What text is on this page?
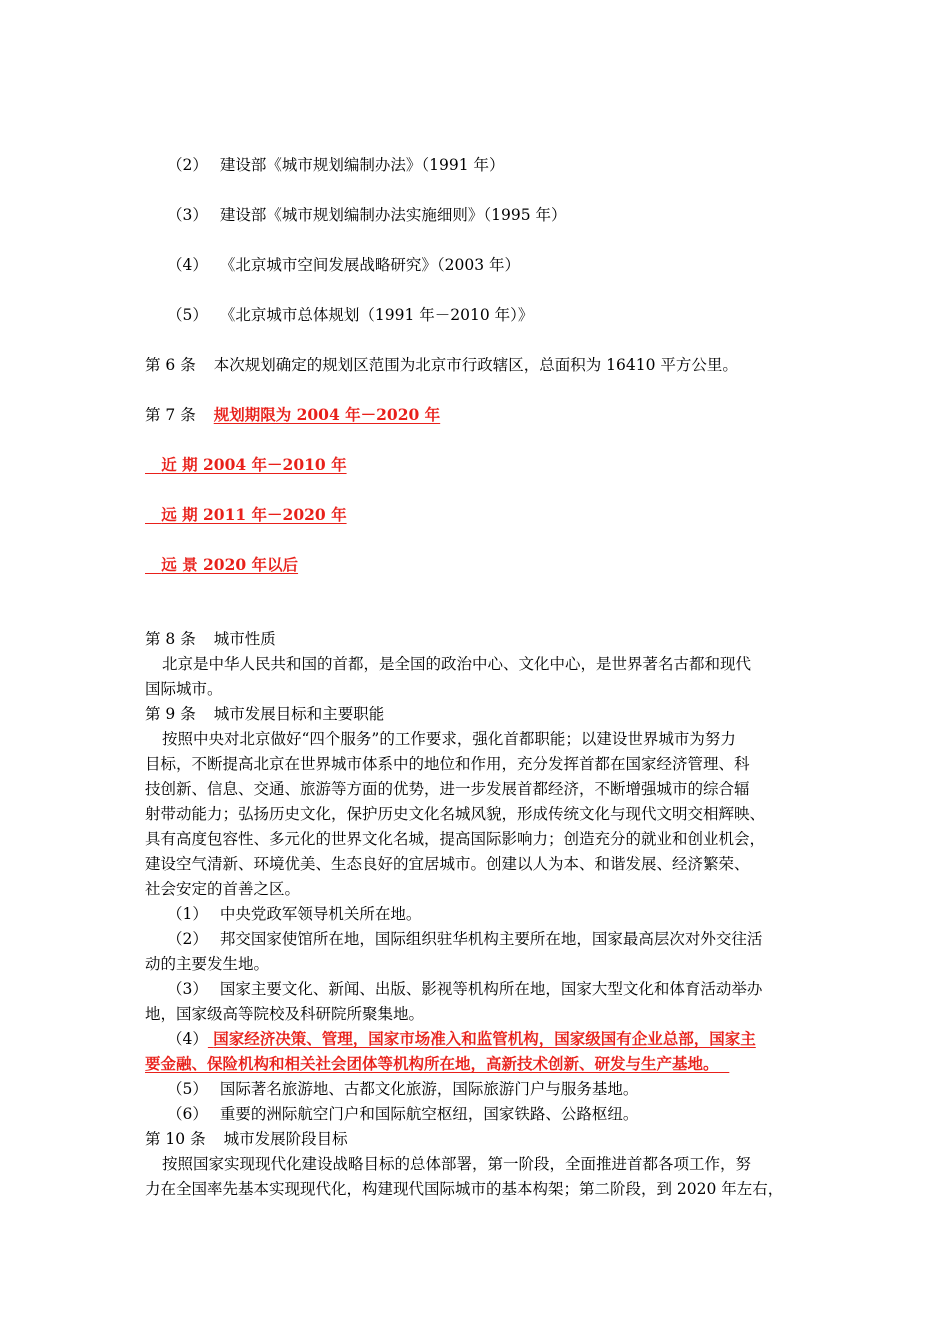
（2） 建设部《城市规划编制办法》（1991 年）
（3） 建设部《城市规划编制办法实施细则》（1995 年）
（4） 《北京城市空间发展战略研究》（2003 年）
（5） 《北京城市总体规划（1991 年－2010 年）》
第 6 条 本次规划确定的规划区范围为北京市行政辖区，总面积为 16410 平方公里。
第 7 条 规划期限为 2004 年－2020 年
近 期 2004 年－2010 年
远 期 2011 年－2020 年
远 景 2020 年以后
第 8 条 城市性质
北京是中华人民共和国的首都，是全国的政治中心、文化中心，是世界著名古都和现代
国际城市。
第 9 条 城市发展目标和主要职能
按照中央对北京做好“四个服务”的工作要求，强化首都职能；以建设世界城市为努力
目标，不断提高北京在世界城市体系中的地位和作用，充分发挥首都在国家经济管理、科
技创新、信息、交通、旅游等方面的优势，进一步发展首都经济，不断增强城市的综合辐
射带动能力；弘扬历史文化，保护历史文化名城风貌，形成传统文化与现代文明交相辉映、
具有高度包容性、多元化的世界文化名城，提高国际影响力；创造充分的就业和创业机会，
建设空气清新、环境优美、生态良好的宜居城市。创建以人为本、和谐发展、经济繁荣、
社会安定的首善之区。
（1） 中央党政军领导机关所在地。
（2） 邦交国家使馆所在地，国际组织驻华机构主要所在地，国家最高层次对外交往活
动的主要发生地。
（3） 国家主要文化、新闻、出版、影视等机构所在地，国家大型文化和体育活动举办
地，国家级高等院校及科研院所聚集地。
（4） 国家经济决策、管理，国家市场准入和监管机构，国家级国有企业总部，国家主
要金融、保险机构和相关社会团体等机构所在地，高新技术创新、研发与生产基地。
（5） 国际著名旅游地、古都文化旅游，国际旅游门户与服务基地。
（6） 重要的洲际航空门户和国际航空枢纽，国家铁路、公路枢纽。
第 10 条 城市发展阶段目标
按照国家实现现代化建设战略目标的总体部署，第一阶段，全面推进首都各项工作，努
力在全国率先基本实现现代化，构建现代国际城市的基本构架；第二阶段，到 2020 年左右，
